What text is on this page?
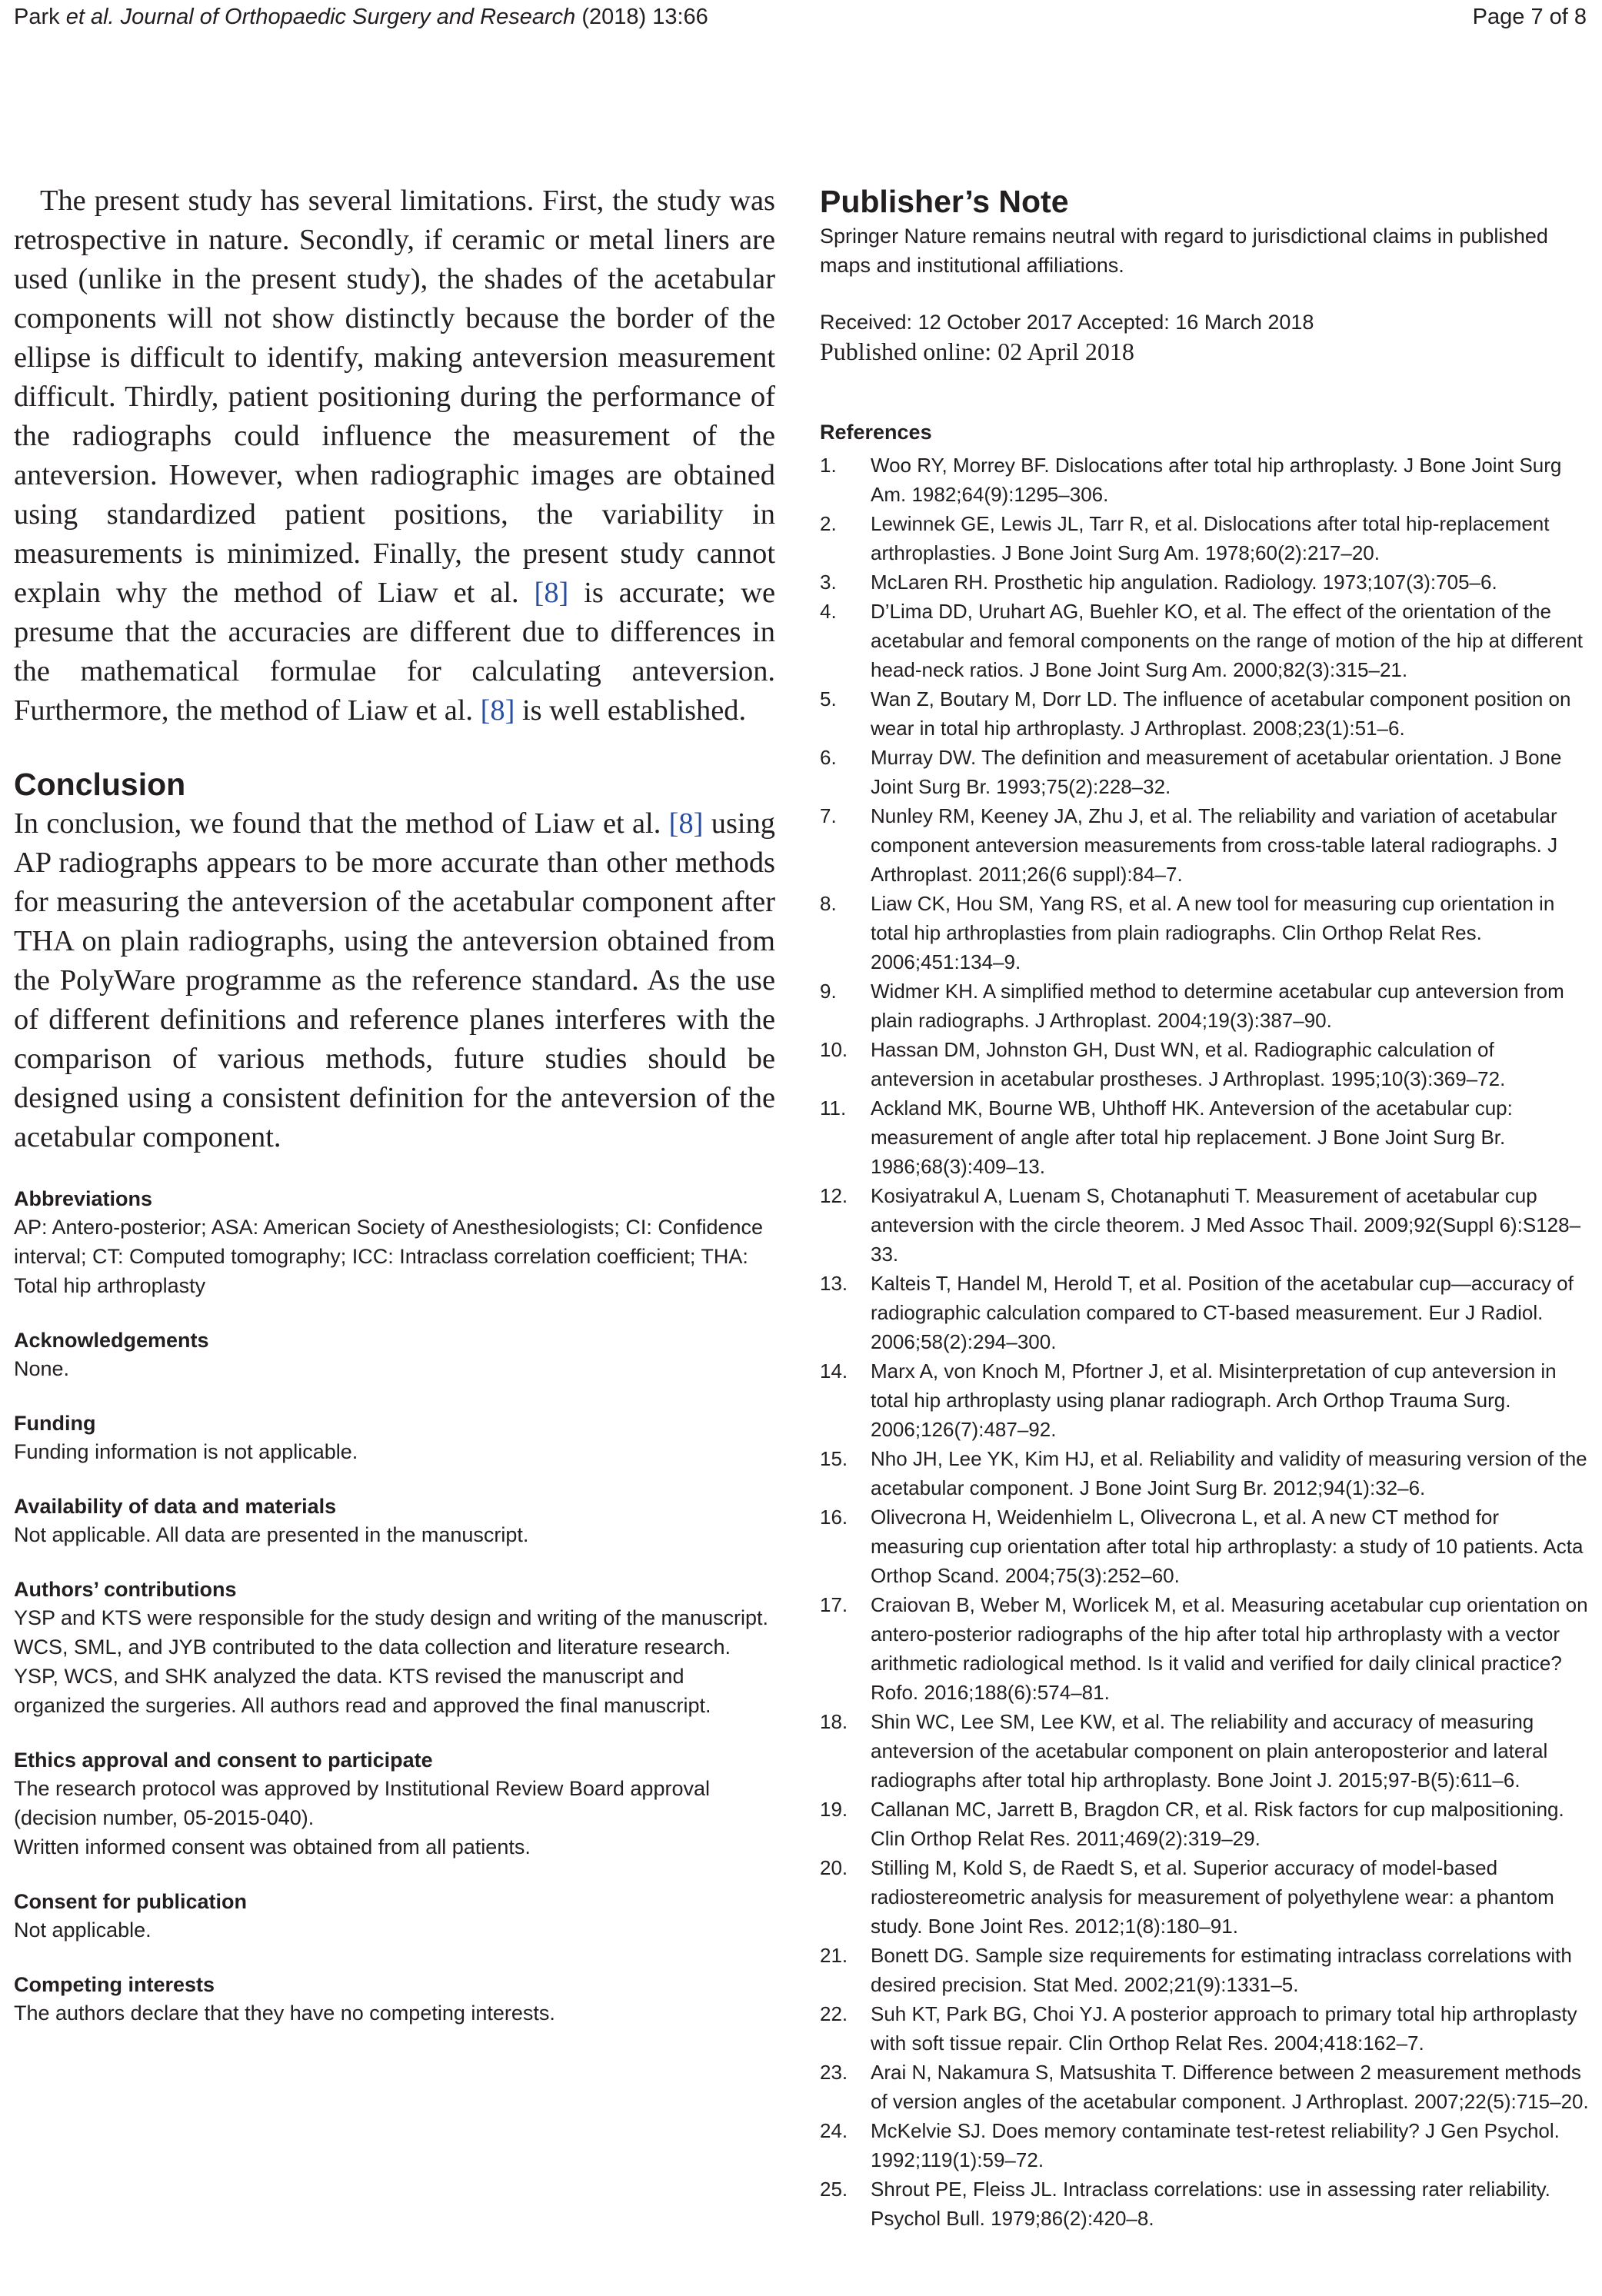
Park et al. Journal of Orthopaedic Surgery and Research (2018) 13:66	Page 7 of 8

The present study has several limitations. First, the study was retrospective in nature. Secondly, if ceramic or metal liners are used (unlike in the present study), the shades of the acetabular components will not show distinctly because the border of the ellipse is difficult to identify, making anteversion measurement difficult. Thirdly, patient positioning during the performance of the radiographs could influence the measurement of the anteversion. However, when radiographic images are obtained using standardized patient positions, the variability in measurements is minimized. Finally, the present study cannot explain why the method of Liaw et al. [8] is accurate; we presume that the accuracies are different due to differences in the mathematical formulae for calculating anteversion. Furthermore, the method of Liaw et al. [8] is well established.

Conclusion

In conclusion, we found that the method of Liaw et al. [8] using AP radiographs appears to be more accurate than other methods for measuring the anteversion of the acetabular component after THA on plain radiographs, using the anteversion obtained from the PolyWare programme as the reference standard. As the use of different definitions and reference planes interferes with the comparison of various methods, future studies should be designed using a consistent definition for the anteversion of the acetabular component.

Abbreviations

AP: Antero-posterior; ASA: American Society of Anesthesiologists; CI: Confidence interval; CT: Computed tomography; ICC: Intraclass correlation coefficient; THA: Total hip arthroplasty

Acknowledgements

None.

Funding

Funding information is not applicable.

Availability of data and materials

Not applicable. All data are presented in the manuscript.

Authors’ contributions

YSP and KTS were responsible for the study design and writing of the manuscript. WCS, SML, and JYB contributed to the data collection and literature research. YSP, WCS, and SHK analyzed the data. KTS revised the manuscript and organized the surgeries. All authors read and approved the final manuscript.

Ethics approval and consent to participate

The research protocol was approved by Institutional Review Board approval (decision number, 05-2015-040).

Written informed consent was obtained from all patients.

Consent for publication

Not applicable.

Competing interests

The authors declare that they have no competing interests.

Publisher’s Note

Springer Nature remains neutral with regard to jurisdictional claims in published maps and institutional affiliations.

Received: 12 October 2017 Accepted: 16 March 2018
Published online: 02 April 2018
References
1.	Woo RY, Morrey BF. Dislocations after total hip arthroplasty. J Bone Joint Surg Am. 1982;64(9):1295–306.
2.	Lewinnek GE, Lewis JL, Tarr R, et al. Dislocations after total hip-replacement arthroplasties. J Bone Joint Surg Am. 1978;60(2):217–20.
3.	McLaren RH. Prosthetic hip angulation. Radiology. 1973;107(3):705–6.
4.	D’Lima DD, Uruhart AG, Buehler KO, et al. The effect of the orientation of the acetabular and femoral components on the range of motion of the hip at different head-neck ratios. J Bone Joint Surg Am. 2000;82(3):315–21.
5.	Wan Z, Boutary M, Dorr LD. The influence of acetabular component position on wear in total hip arthroplasty. J Arthroplast. 2008;23(1):51–6.
6.	Murray DW. The definition and measurement of acetabular orientation. J Bone Joint Surg Br. 1993;75(2):228–32.
7.	Nunley RM, Keeney JA, Zhu J, et al. The reliability and variation of acetabular component anteversion measurements from cross-table lateral radiographs. J Arthroplast. 2011;26(6 suppl):84–7.
8.	Liaw CK, Hou SM, Yang RS, et al. A new tool for measuring cup orientation in total hip arthroplasties from plain radiographs. Clin Orthop Relat Res. 2006;451:134–9.
9.	Widmer KH. A simplified method to determine acetabular cup anteversion from plain radiographs. J Arthroplast. 2004;19(3):387–90.
10.	Hassan DM, Johnston GH, Dust WN, et al. Radiographic calculation of anteversion in acetabular prostheses. J Arthroplast. 1995;10(3):369–72.
11.	Ackland MK, Bourne WB, Uhthoff HK. Anteversion of the acetabular cup: measurement of angle after total hip replacement. J Bone Joint Surg Br. 1986;68(3):409–13.
12.	Kosiyatrakul A, Luenam S, Chotanaphuti T. Measurement of acetabular cup anteversion with the circle theorem. J Med Assoc Thail. 2009;92(Suppl 6):S128–33.
13.	Kalteis T, Handel M, Herold T, et al. Position of the acetabular cup—accuracy of radiographic calculation compared to CT-based measurement. Eur J Radiol. 2006;58(2):294–300.
14.	Marx A, von Knoch M, Pfortner J, et al. Misinterpretation of cup anteversion in total hip arthroplasty using planar radiograph. Arch Orthop Trauma Surg. 2006;126(7):487–92.
15.	Nho JH, Lee YK, Kim HJ, et al. Reliability and validity of measuring version of the acetabular component. J Bone Joint Surg Br. 2012;94(1):32–6.
16.	Olivecrona H, Weidenhielm L, Olivecrona L, et al. A new CT method for measuring cup orientation after total hip arthroplasty: a study of 10 patients. Acta Orthop Scand. 2004;75(3):252–60.
17.	Craiovan B, Weber M, Worlicek M, et al. Measuring acetabular cup orientation on antero-posterior radiographs of the hip after total hip arthroplasty with a vector arithmetic radiological method. Is it valid and verified for daily clinical practice? Rofo. 2016;188(6):574–81.
18.	Shin WC, Lee SM, Lee KW, et al. The reliability and accuracy of measuring anteversion of the acetabular component on plain anteroposterior and lateral radiographs after total hip arthroplasty. Bone Joint J. 2015;97-B(5):611–6.
19.	Callanan MC, Jarrett B, Bragdon CR, et al. Risk factors for cup malpositioning. Clin Orthop Relat Res. 2011;469(2):319–29.
20.	Stilling M, Kold S, de Raedt S, et al. Superior accuracy of model-based radiostereometric analysis for measurement of polyethylene wear: a phantom study. Bone Joint Res. 2012;1(8):180–91.
21.	Bonett DG. Sample size requirements for estimating intraclass correlations with desired precision. Stat Med. 2002;21(9):1331–5.
22.	Suh KT, Park BG, Choi YJ. A posterior approach to primary total hip arthroplasty with soft tissue repair. Clin Orthop Relat Res. 2004;418:162–7.
23.	Arai N, Nakamura S, Matsushita T. Difference between 2 measurement methods of version angles of the acetabular component. J Arthroplast. 2007;22(5):715–20.
24.	McKelvie SJ. Does memory contaminate test-retest reliability? J Gen Psychol. 1992;119(1):59–72.
25.	Shrout PE, Fleiss JL. Intraclass correlations: use in assessing rater reliability. Psychol Bull. 1979;86(2):420–8.
